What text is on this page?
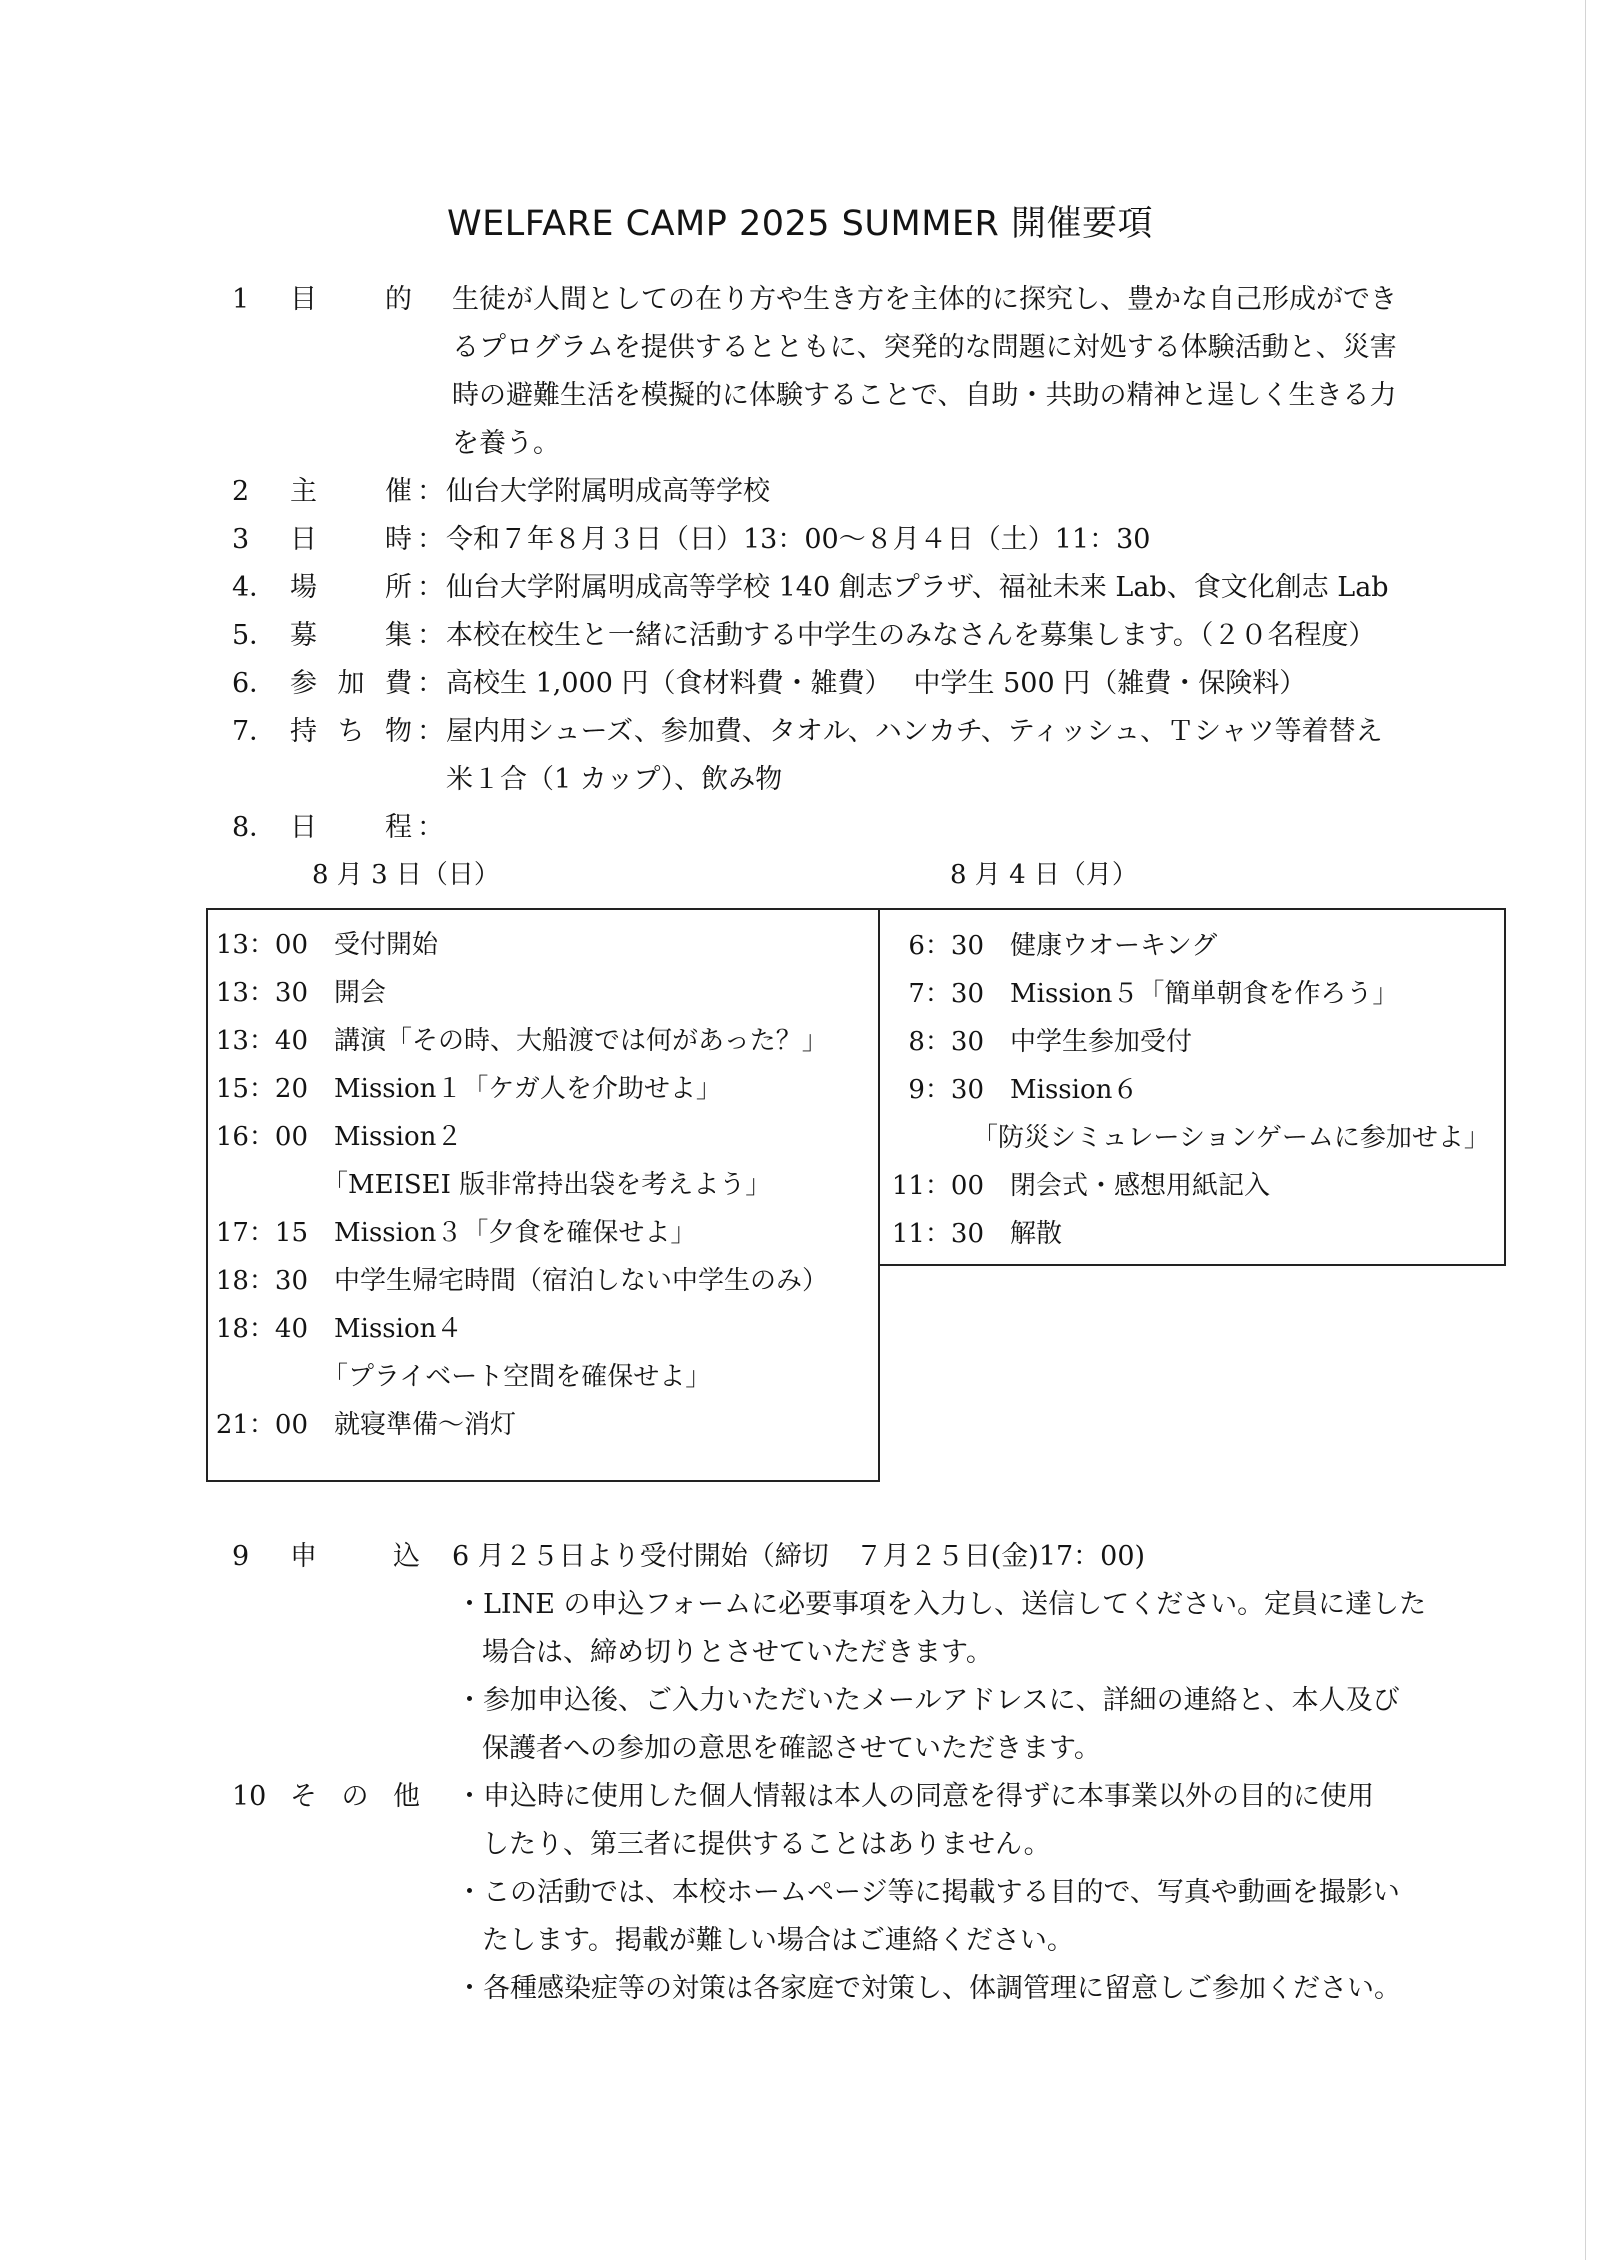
WELFARE CAMP 2025 SUMMER 開催要項
1 目	的 生徒が人間としての在り方や生き方を主体的に探究し、豊かな自己形成ができ
るプログラムを提供するとともに、突発的な問題に対処する体験活動と、災害
時の避難生活を模擬的に体験することで、自助・共助の精神と逞しく生きる力
を養う。
2 主	催 ： 仙台大学附属明成高等学校
3 日	時 ： 令和７年８月３日（日）13：00～８月４日（土）11：30
4． 場	所 ： 仙台大学附属明成高等学校 140 創志プラザ、福祉未来 Lab、食文化創志 Lab
5． 募	集 ： 本校在校生と一緒に活動する中学生のみなさんを募集します。（２０名程度）
6． 参 加 費 ： 高校生 1,000 円（食材料費・雑費）　 中学生 500 円（雑費・保険料）
7． 持 ち 物 ： 屋内用シューズ、参加費、タオル、ハンカチ、ティッシュ、Ｔシャツ等着替え
米１合（1 カップ）、飲み物
8． 日	程 ：
8 月 3 日（日）	8 月 4 日（月）
13：00 受付開始
13：30 開会
13：40 講演「その時、大船渡では何があった？」
15：20 Mission１「ケガ人を介助せよ」
16：00 Mission２
「MEISEI 版非常持出袋を考えよう」
17：15 Mission３「夕食を確保せよ」
18：30 中学生帰宅時間（宿泊しない中学生のみ）
18：40 Mission４
「プライベート空間を確保せよ」
21：00 就寝準備～消灯
6：30 健康ウオーキング
7：30 Mission５「簡単朝食を作ろう」
8：30 中学生参加受付
9：30 Mission６
「防災シミュレーションゲームに参加せよ」
11：00 閉会式・感想用紙記入
11：30 解散
9 申	込 6 月２５日より受付開始（締切　７月２５日(金)17：00)
・LINE の申込フォームに必要事項を入力し、送信してください。定員に達した
場合は、締め切りとさせていただきます。
・参加申込後、ご入力いただいたメールアドレスに、詳細の連絡と、本人及び
保護者への参加の意思を確認させていただきます。
10 そ の 他 ・申込時に使用した個人情報は本人の同意を得ずに本事業以外の目的に使用
したり、第三者に提供することはありません。
・この活動では、本校ホームページ等に掲載する目的で、写真や動画を撮影い
たします。掲載が難しい場合はご連絡ください。
・各種感染症等の対策は各家庭で対策し、体調管理に留意しご参加ください。
